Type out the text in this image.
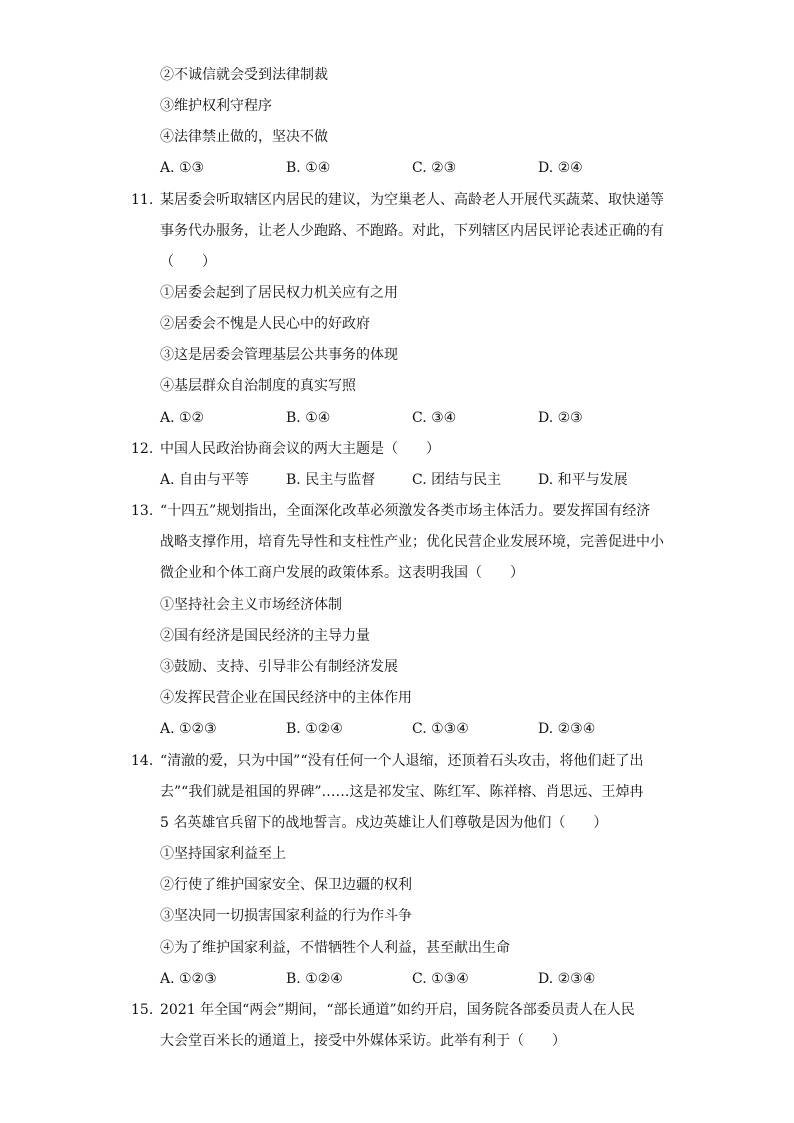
②不诚信就会受到法律制裁
③维护权利守程序
④法律禁止做的，坚决不做
A. ①③	B. ①④	C. ②③	D. ②④
11. 某居委会听取辖区内居民的建议，为空巢老人、高龄老人开展代买蔬菜、取快递等
事务代办服务，让老人少跑路、不跑路。对此，下列辖区内居民评论表述正确的有
（　　）
①居委会起到了居民权力机关应有之用
②居委会不愧是人民心中的好政府
③这是居委会管理基层公共事务的体现
④基层群众自治制度的真实写照
A. ①②	B. ①④	C. ③④	D. ②③
12. 中国人民政治协商会议的两大主题是（　　）
A. 自由与平等	B. 民主与监督	C. 团结与民主	D. 和平与发展
13. “十四五”规划指出，全面深化改革必须激发各类市场主体活力。要发挥国有经济
战略支撑作用，培育先导性和支柱性产业；优化民营企业发展环境，完善促进中小
微企业和个体工商户发展的政策体系。这表明我国（　　）
①坚持社会主义市场经济体制
②国有经济是国民经济的主导力量
③鼓励、支持、引导非公有制经济发展
④发挥民营企业在国民经济中的主体作用
A. ①②③	B. ①②④	C. ①③④	D. ②③④
14. “清澈的爱，只为中国”“没有任何一个人退缩，还顶着石头攻击，将他们赶了出
去”“我们就是祖国的界碑”……这是祁发宝、陈红军、陈祥榕、肖思远、王焯冉
5 名英雄官兵留下的战地誓言。戍边英雄让人们尊敬是因为他们（　　）
①坚持国家利益至上
②行使了维护国家安全、保卫边疆的权利
③坚决同一切损害国家利益的行为作斗争
④为了维护国家利益，不惜牺牲个人利益，甚至献出生命
A. ①②③	B. ①②④	C. ①③④	D. ②③④
15. 2021 年全国“两会”期间，“部长通道”如约开启，国务院各部委员责人在人民
大会堂百米长的通道上，接受中外媒体采访。此举有利于（　　）
